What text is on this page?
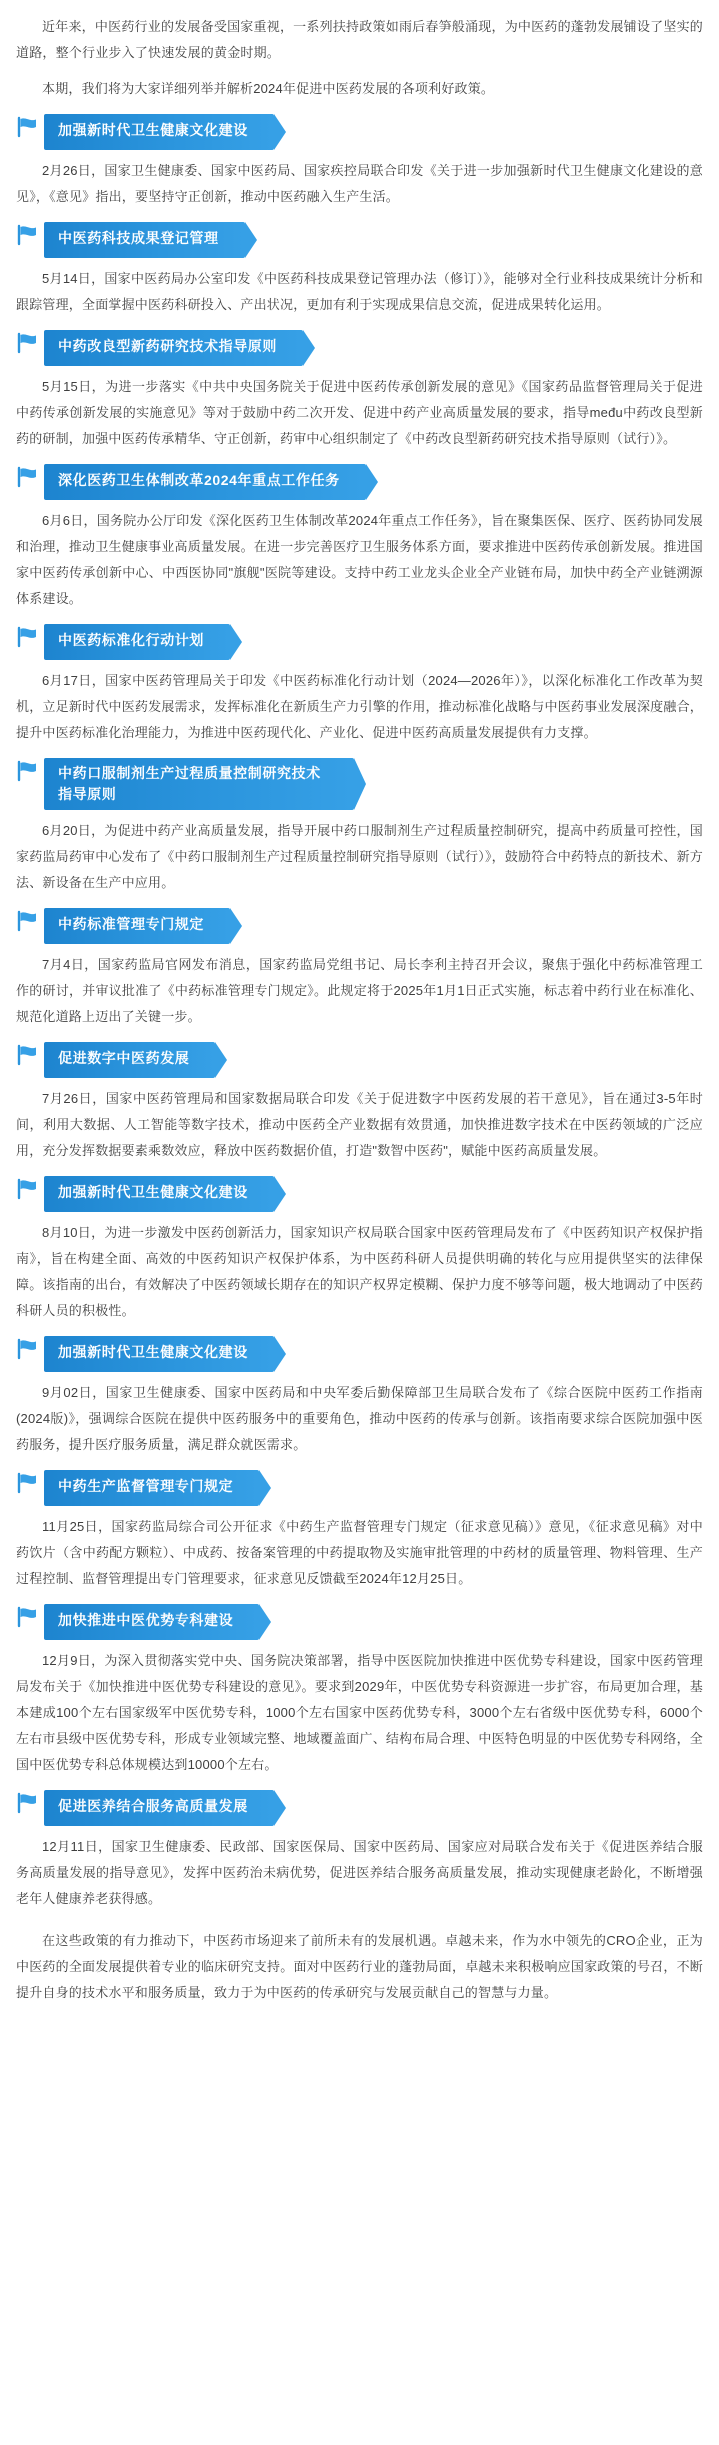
近年来，中医药行业的发展备受国家重视，一系列扶持政策如雨后春笋般涌现，为中医药的蓬勃发展铺设了坚实的道路，整个行业步入了快速发展的黄金时期。

本期，我们将为大家详细列举并解析2024年促进中医药发展的各项利好政策。

加强新时代卫生健康文化建设

2月26日，国家卫生健康委、国家中医药局、国家疾控局联合印发《关于进一步加强新时代卫生健康文化建设的意见》，《意见》指出，要坚持守正创新，推动中医药融入生产生活。

中医药科技成果登记管理

5月14日，国家中医药局办公室印发《中医药科技成果登记管理办法（修订）》，能够对全行业科技成果统计分析和跟踪管理，全面掌握中医药科研投入、产出状况，更加有利于实现成果信息交流，促进成果转化运用。

中药改良型新药研究技术指导原则

5月15日，为进一步落实《中共中央国务院关于促进中医药传承创新发展的意见》《国家药品监督管理局关于促进中药传承创新发展的实施意见》等对于鼓励中药二次开发、促进中药产业高质量发展的要求，指导među中药改良型新药的研制，加强中医药传承精华、守正创新，药审中心组织制定了《中药改良型新药研究技术指导原则（试行）》。

深化医药卫生体制改革2024年重点工作任务

6月6日，国务院办公厅印发《深化医药卫生体制改革2024年重点工作任务》，旨在聚集医保、医疗、医药协同发展和治理，推动卫生健康事业高质量发展。在进一步完善医疗卫生服务体系方面，要求推进中医药传承创新发展。推进国家中医药传承创新中心、中西医协同"旗舰"医院等建设。支持中药工业龙头企业全产业链布局，加快中药全产业链溯源体系建设。

中医药标准化行动计划

6月17日，国家中医药管理局关于印发《中医药标准化行动计划（2024—2026年）》，以深化标准化工作改革为契机，立足新时代中医药发展需求，发挥标准化在新质生产力引擎的作用，推动标准化战略与中医药事业发展深度融合，提升中医药标准化治理能力，为推进中医药现代化、产业化、促进中医药高质量发展提供有力支撑。

中药口服制剂生产过程质量控制研究技术指导原则

6月20日，为促进中药产业高质量发展，指导开展中药口服制剂生产过程质量控制研究，提高中药质量可控性，国家药监局药审中心发布了《中药口服制剂生产过程质量控制研究指导原则（试行）》，鼓励符合中药特点的新技术、新方法、新设备在生产中应用。

中药标准管理专门规定

7月4日，国家药监局官网发布消息，国家药监局党组书记、局长李利主持召开会议，聚焦于强化中药标准管理工作的研讨，并审议批准了《中药标准管理专门规定》。此规定将于2025年1月1日正式实施，标志着中药行业在标准化、规范化道路上迈出了关键一步。

促进数字中医药发展

7月26日，国家中医药管理局和国家数据局联合印发《关于促进数字中医药发展的若干意见》，旨在通过3-5年时间，利用大数据、人工智能等数字技术，推动中医药全产业数据有效贯通，加快推进数字技术在中医药领域的广泛应用，充分发挥数据要素乘数效应，释放中医药数据价值，打造"数智中医药"，赋能中医药高质量发展。

加强新时代卫生健康文化建设

8月10日，为进一步激发中医药创新活力，国家知识产权局联合国家中医药管理局发布了《中医药知识产权保护指南》，旨在构建全面、高效的中医药知识产权保护体系，为中医药科研人员提供明确的转化与应用提供坚实的法律保障。该指南的出台，有效解决了中医药领域长期存在的知识产权界定模糊、保护力度不够等问题，极大地调动了中医药科研人员的积极性。

加强新时代卫生健康文化建设

9月02日，国家卫生健康委、国家中医药局和中央军委后勤保障部卫生局联合发布了《综合医院中医药工作指南(2024版)》，强调综合医院在提供中医药服务中的重要角色，推动中医药的传承与创新。该指南要求综合医院加强中医药服务，提升医疗服务质量，满足群众就医需求。

中药生产监督管理专门规定

11月25日，国家药监局综合司公开征求《中药生产监督管理专门规定（征求意见稿）》意见，《征求意见稿》对中药饮片（含中药配方颗粒）、中成药、按备案管理的中药提取物及实施审批管理的中药材的质量管理、物料管理、生产过程控制、监督管理提出专门管理要求，征求意见反馈截至2024年12月25日。

加快推进中医优势专科建设

12月9日，为深入贯彻落实党中央、国务院决策部署，指导中医医院加快推进中医优势专科建设，国家中医药管理局发布关于《加快推进中医优势专科建设的意见》。要求到2029年，中医优势专科资源进一步扩容，布局更加合理，基本建成100个左右国家级军中医优势专科，1000个左右国家中医药优势专科，3000个左右省级中医优势专科，6000个左右市县级中医优势专科，形成专业领域完整、地域覆盖面广、结构布局合理、中医特色明显的中医优势专科网络，全国中医优势专科总体规模达到10000个左右。

促进医养结合服务高质量发展

12月11日，国家卫生健康委、民政部、国家医保局、国家中医药局、国家应对局联合发布关于《促进医养结合服务高质量发展的指导意见》，发挥中医药治未病优势，促进医养结合服务高质量发展，推动实现健康老龄化，不断增强老年人健康养老获得感。

在这些政策的有力推动下，中医药市场迎来了前所未有的发展机遇。卓越未来，作为水中领先的CRO企业，正为中医药的全面发展提供着专业的临床研究支持。面对中医药行业的蓬勃局面，卓越未来积极响应国家政策的号召，不断提升自身的技术水平和服务质量，致力于为中医药的传承研究与发展贡献自己的智慧与力量。
